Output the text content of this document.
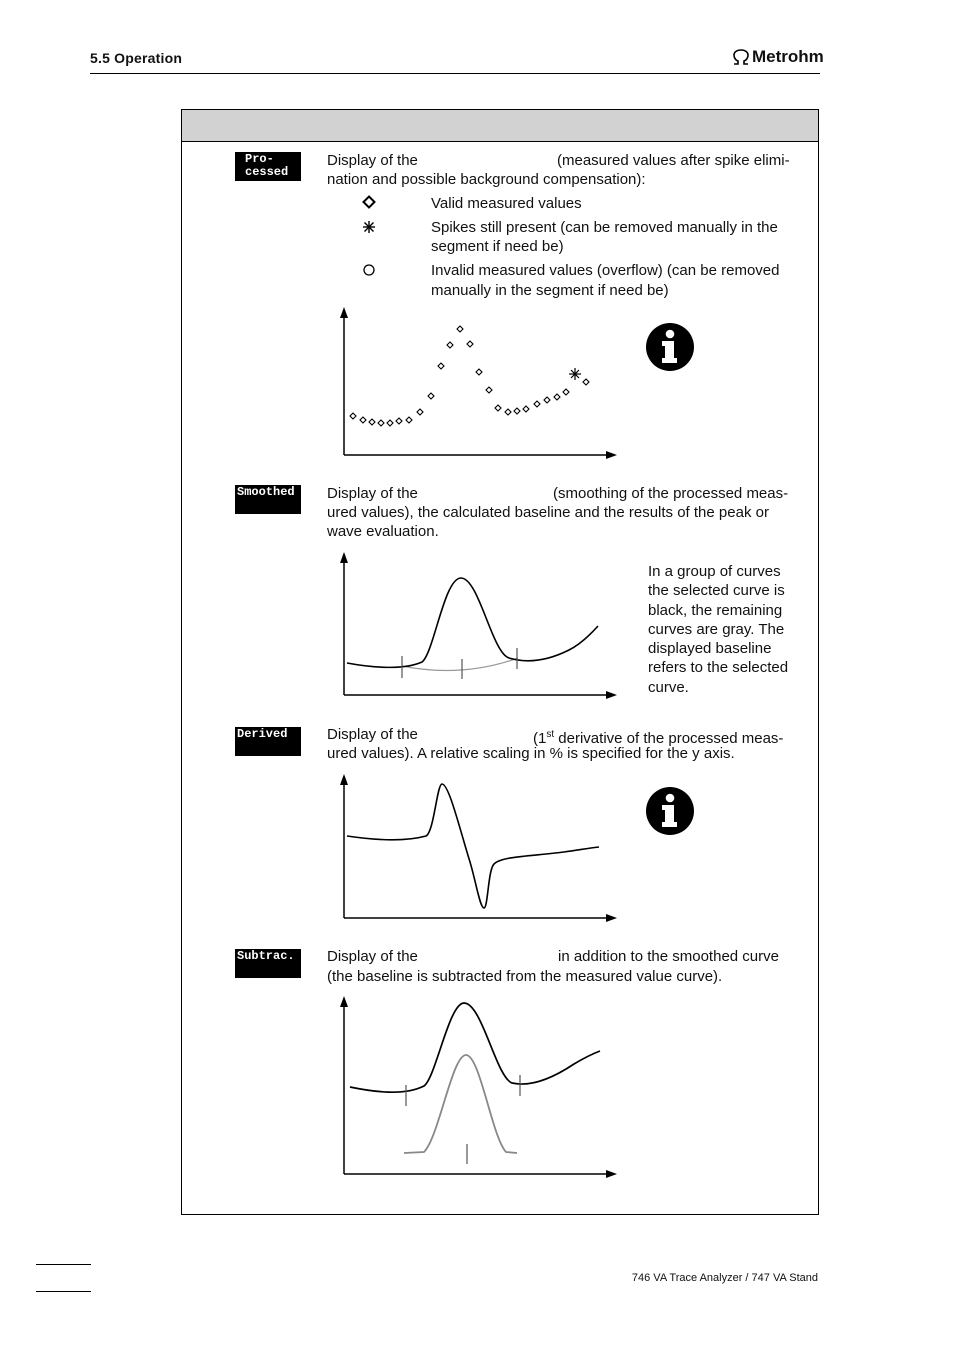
5.5 Operation	Metrohm
Pro-
cessed
Display of the	(measured values after spike elimi-
nation and possible background compensation):
Valid measured values
Spikes still present (can be removed manually in the
segment if need be)
Invalid measured values (overflow) (can be removed
manually in the segment if need be)
Smoothed	Display of the	(smoothing of the processed meas-
ured values), the calculated baseline and the results of the peak or
wave evaluation.
In a group of curves
the selected curve is
black, the remaining
curves are gray. The
displayed baseline
refers to the selected
curve.
Derived	Display of the	(1st derivative of the processed meas-
ured values). A relative scaling in % is specified for the y axis.
Subtrac.	Display of the	in addition to the smoothed curve
(the baseline is subtracted from the measured value curve).
746 VA Trace Analyzer / 747 VA Stand
